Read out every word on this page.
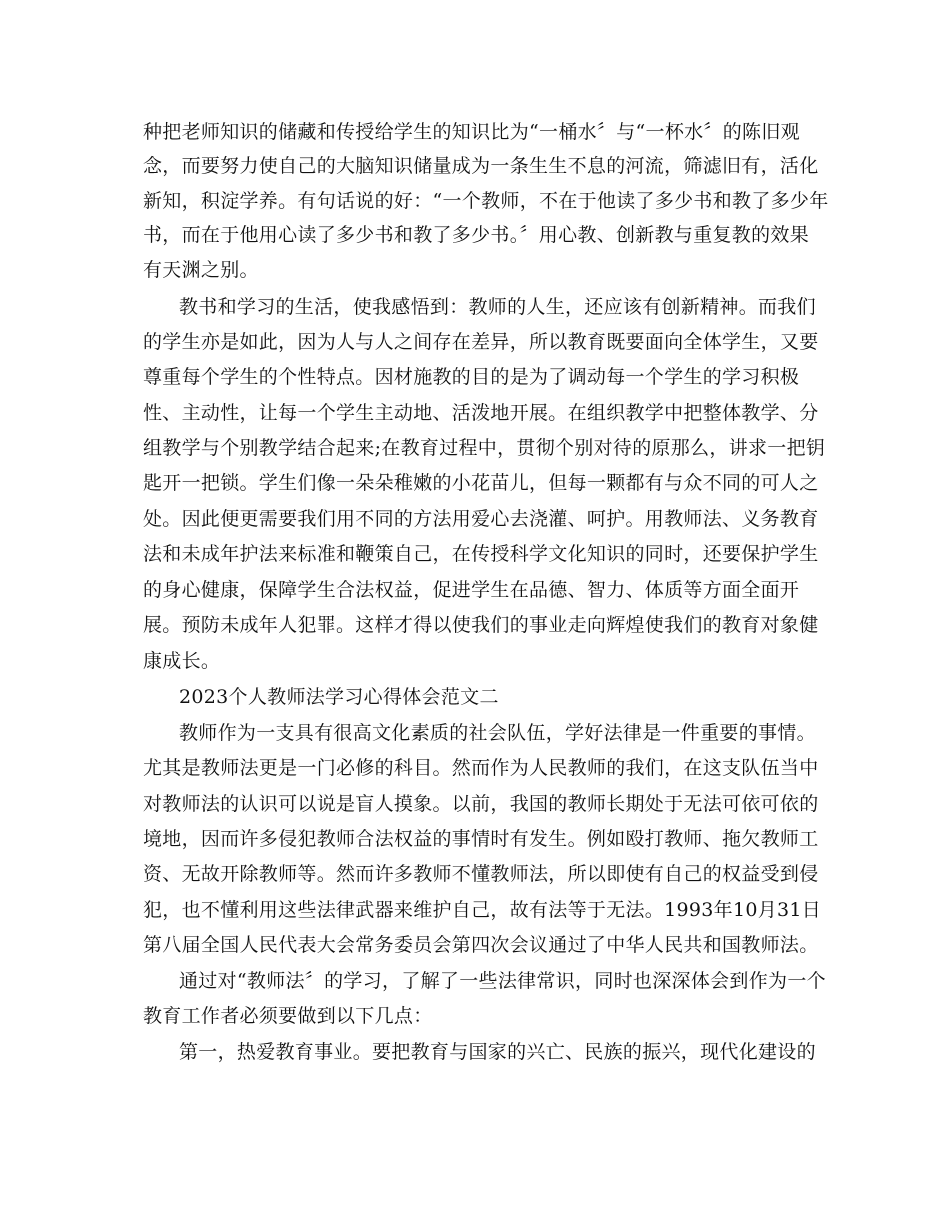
种把老师知识的储藏和传授给学生的知识比为“一桶水〞与“一杯水〞的陈旧观
念，而要努力使自己的大脑知识储量成为一条生生不息的河流，筛滤旧有，活化
新知，积淀学养。有句话说的好：“一个教师，不在于他读了多少书和教了多少年
书，而在于他用心读了多少书和教了多少书。〞用心教、创新教与重复教的效果
有天渊之别。
教书和学习的生活，使我感悟到：教师的人生，还应该有创新精神。而我们
的学生亦是如此，因为人与人之间存在差异，所以教育既要面向全体学生，又要
尊重每个学生的个性特点。因材施教的目的是为了调动每一个学生的学习积极
性、主动性，让每一个学生主动地、活泼地开展。在组织教学中把整体教学、分
组教学与个别教学结合起来;在教育过程中，贯彻个别对待的原那么，讲求一把钥
匙开一把锁。学生们像一朵朵稚嫩的小花苗儿，但每一颗都有与众不同的可人之
处。因此便更需要我们用不同的方法用爱心去浇灌、呵护。用教师法、义务教育
法和未成年护法来标准和鞭策自己，在传授科学文化知识的同时，还要保护学生
的身心健康，保障学生合法权益，促进学生在品德、智力、体质等方面全面开
展。预防未成年人犯罪。这样才得以使我们的事业走向辉煌使我们的教育对象健
康成长。
2023个人教师法学习心得体会范文二
教师作为一支具有很高文化素质的社会队伍，学好法律是一件重要的事情。
尤其是教师法更是一门必修的科目。然而作为人民教师的我们，在这支队伍当中
对教师法的认识可以说是盲人摸象。以前，我国的教师长期处于无法可依可依的
境地，因而许多侵犯教师合法权益的事情时有发生。例如殴打教师、拖欠教师工
资、无故开除教师等。然而许多教师不懂教师法，所以即使有自己的权益受到侵
犯，也不懂利用这些法律武器来维护自己，故有法等于无法。1993年10月31日
第八届全国人民代表大会常务委员会第四次会议通过了中华人民共和国教师法。
通过对“教师法〞的学习，了解了一些法律常识，同时也深深体会到作为一个
教育工作者必须要做到以下几点：
第一，热爱教育事业。要把教育与国家的兴亡、民族的振兴，现代化建设的
